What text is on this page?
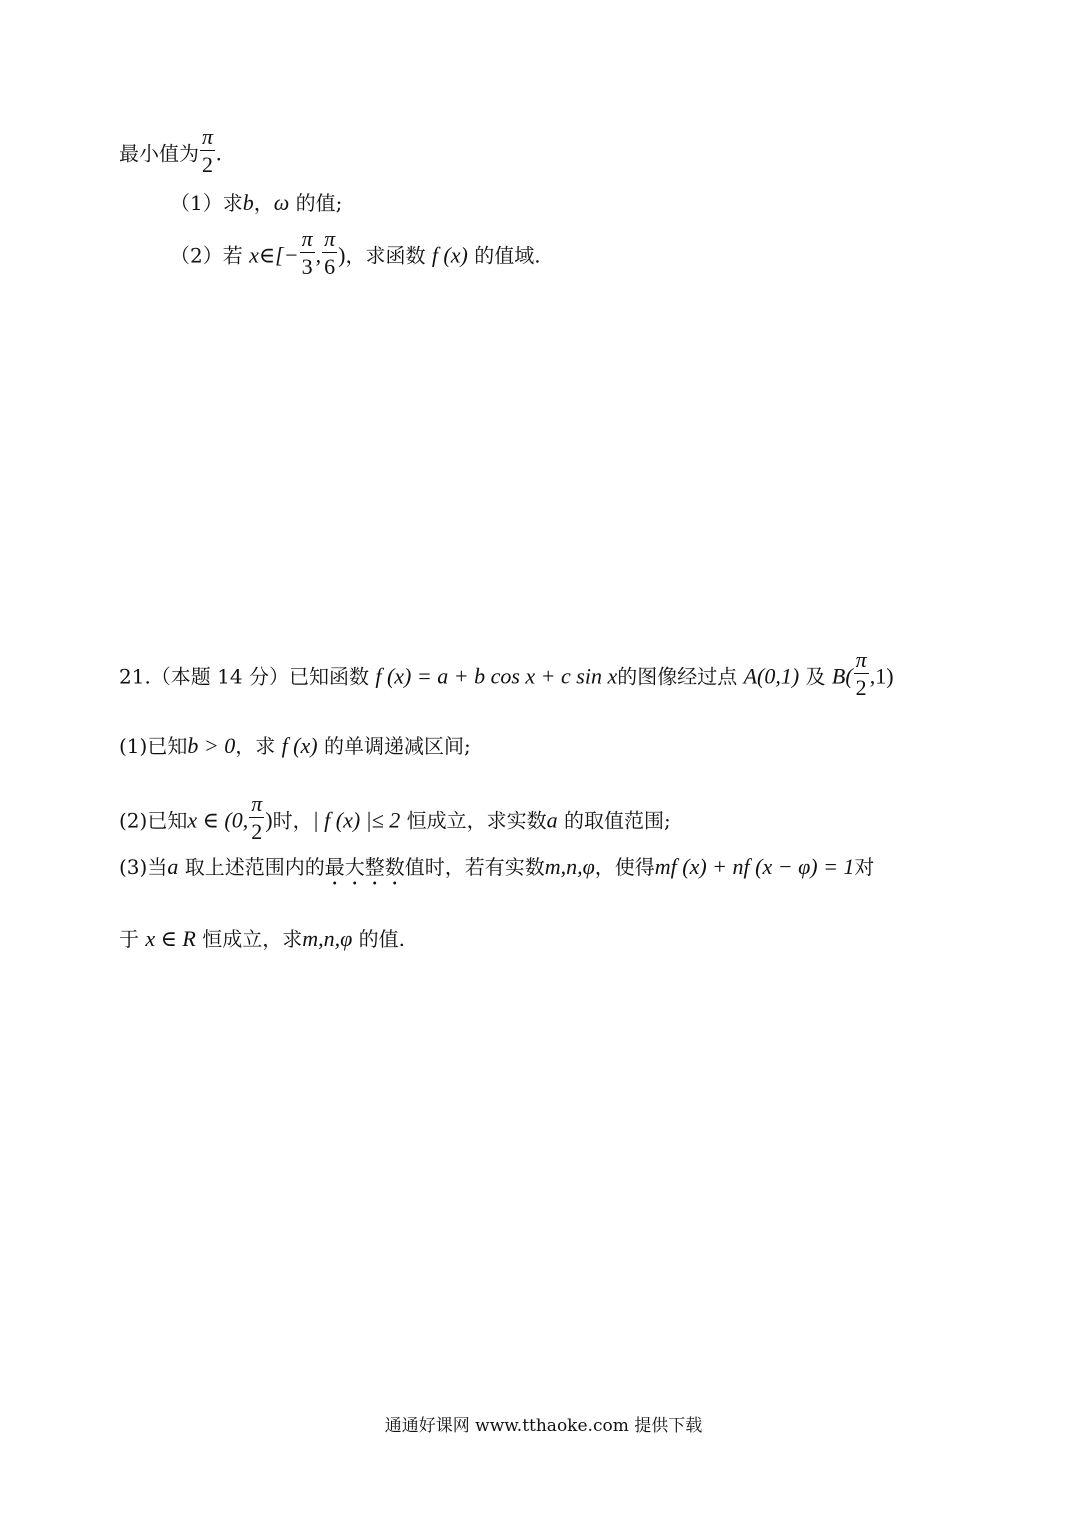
最小值为 $\frac{\pi}{2}$ .
（1）求b，ω 的值;
（2）若 x∈[− $\frac{\pi}{3}$ , $\frac{\pi}{6}$ )，求函数 f (x) 的值域.
21.（本题 14 分）已知函数 f (x) = a + b cos x + c sin x的图像经过点 A(0,1) 及 $B( \frac{\pi}{2} ,1)$
(1)已知b > 0，求 f (x) 的单调递减区间;
(2)已知x ∈ (0, $\frac{\pi}{2}$ )时，| f (x) |≤ 2 恒成立，求实数a 的取值范围;
(3)当a 取上述范围内的最大整数值时，若有实数m,n,φ，使得mf (x) + nf (x − φ) = 1对
于 x ∈ R 恒成立，求m,n,φ 的值.
通通好课网 www.tthaoke.com 提供下载
